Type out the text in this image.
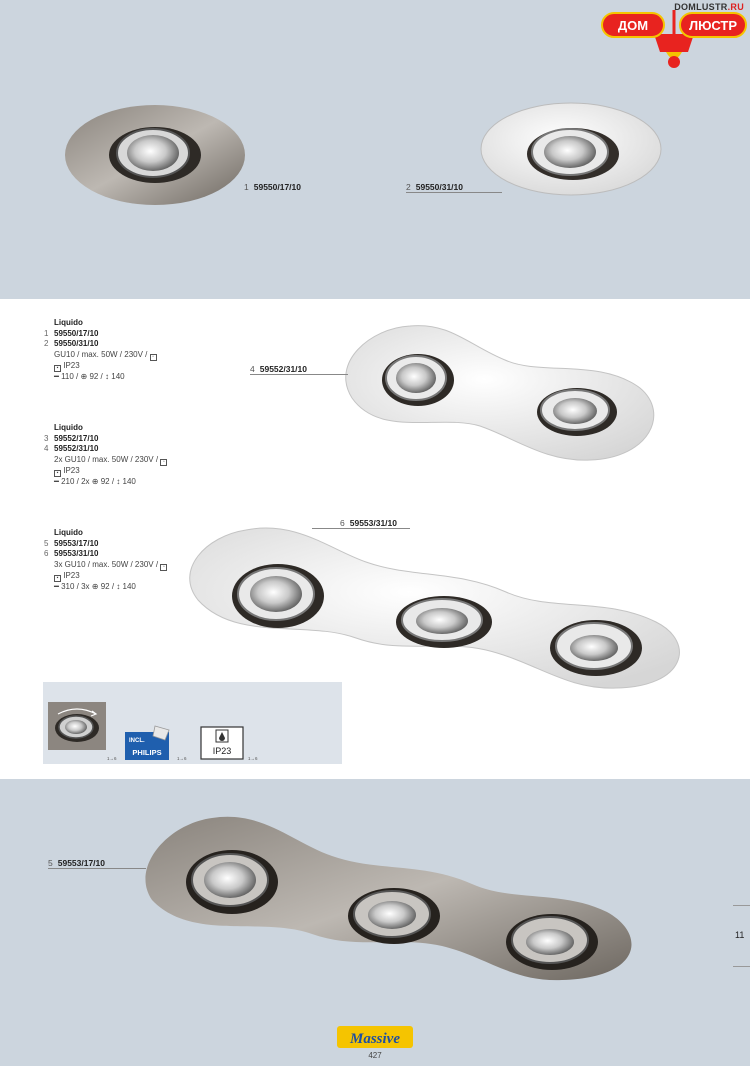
DOMLUSTR.RU
ДОМ	ЛЮСТР
1 59550/17/10	2 59550/31/10
Liquido
1 59550/17/10
2 59550/31/10
GU10 / max. 50W / 230V / ▫
▪ IP23
━ 110 / ⊕ 92 / ↕ 140
Liquido
3 59552/17/10
4 59552/31/10
2x GU10 / max. 50W / 230V / ▫
▪ IP23
━ 210 / 2x ⊕ 92 / ↕ 140
Liquido
5 59553/17/10
6 59553/31/10
3x GU10 / max. 50W / 230V / ▫
▪ IP23
━ 310 / 3x ⊕ 92 / ↕ 140
4 59552/31/10
6 59553/31/10
1→6
INCL.
PHILIPS
1→6
IP23
1→6
5 59553/17/10
11
Massive
427
